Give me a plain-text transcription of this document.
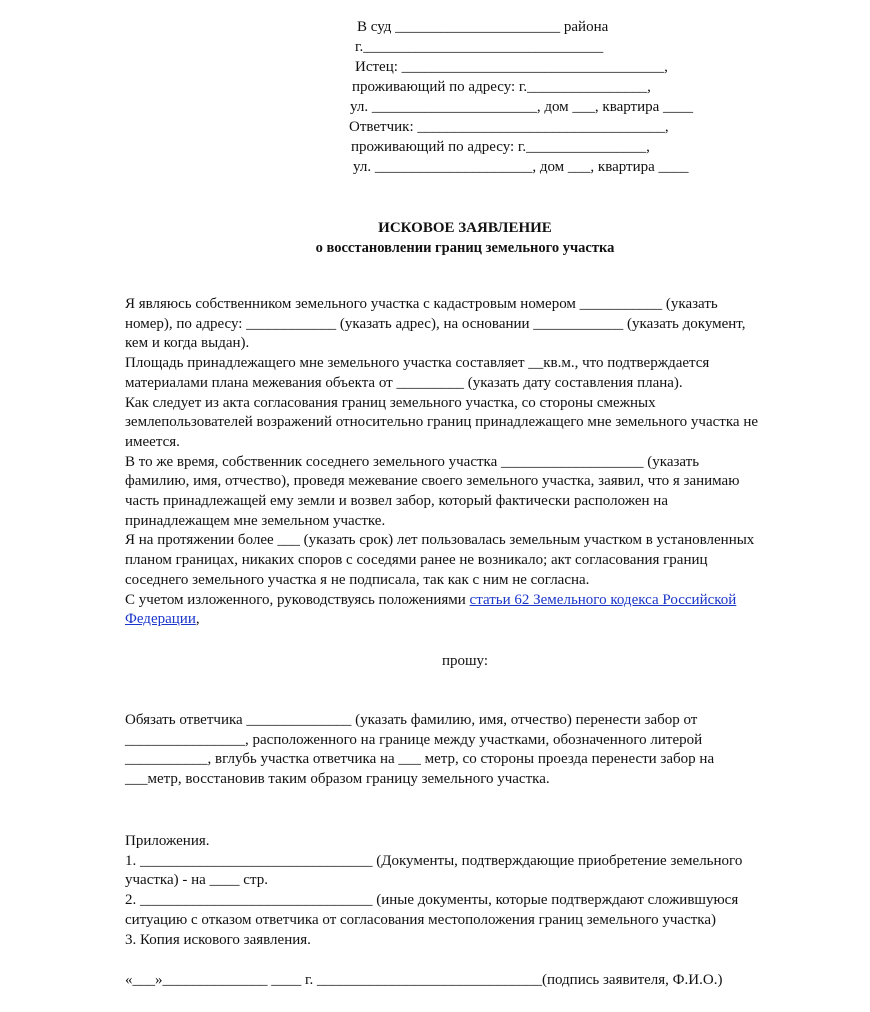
В суд ______________________ района
г.________________________________
Истец: ___________________________________,
проживающий по адресу: г.________________,
ул. ______________________, дом ___, квартира ____
Ответчик: _________________________________,
проживающий по адресу: г.________________,
ул. _____________________, дом ___, квартира ____
ИСКОВОЕ ЗАЯВЛЕНИЕ
о восстановлении границ земельного участка
Я являюсь собственником земельного участка с кадастровым номером ___________ (указать
номер), по адресу: ____________ (указать адрес), на основании ____________ (указать документ,
кем и когда выдан).
Площадь принадлежащего мне земельного участка составляет __кв.м., что подтверждается
материалами плана межевания объекта от _________ (указать дату составления плана).
Как следует из акта согласования границ земельного участка, со стороны смежных
землепользователей возражений относительно границ принадлежащего мне земельного участка не
имеется.
В то же время, собственник соседнего земельного участка ___________________ (указать
фамилию, имя, отчество), проведя межевание своего земельного участка, заявил, что я занимаю
часть принадлежащей ему земли и возвел забор, который фактически расположен на
принадлежащем мне земельном участке.
Я на протяжении более ___ (указать срок) лет пользовалась земельным участком в установленных
планом границах, никаких споров с соседями ранее не возникало; акт согласования границ
соседнего земельного участка я не подписала, так как с ним не согласна.
С учетом изложенного, руководствуясь положениями статьи 62 Земельного кодекса Российской
Федерации,
прошу:
Обязать ответчика ______________ (указать фамилию, имя, отчество) перенести забор от
________________, расположенного на границе между участками, обозначенного литерой
___________, вглубь участка ответчика на ___ метр, со стороны проезда перенести забор на
___метр, восстановив таким образом границу земельного участка.
Приложения.
1. _______________________________ (Документы, подтверждающие приобретение земельного
участка) - на ____ стр.
2. _______________________________ (иные документы, которые подтверждают сложившуюся
ситуацию с отказом ответчика от согласования местоположения границ земельного участка)
3. Копия искового заявления.
«___»______________ ____ г. ______________________________(подпись заявителя, Ф.И.О.)
